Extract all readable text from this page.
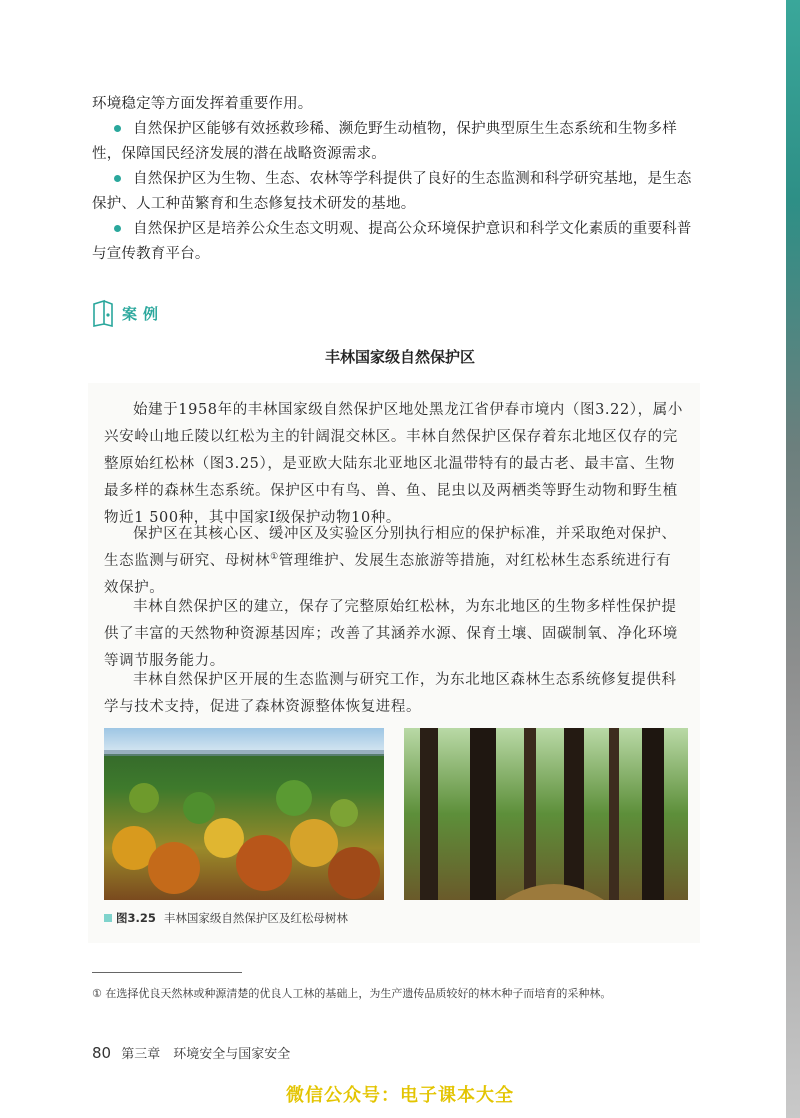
环境稳定等方面发挥着重要作用。
自然保护区能够有效拯救珍稀、濒危野生动植物，保护典型原生生态系统和生物多样性，保障国民经济发展的潜在战略资源需求。
自然保护区为生物、生态、农林等学科提供了良好的生态监测和科学研究基地，是生态保护、人工种苗繁育和生态修复技术研发的基地。
自然保护区是培养公众生态文明观、提高公众环境保护意识和科学文化素质的重要科普与宣传教育平台。
案例
丰林国家级自然保护区
始建于1958年的丰林国家级自然保护区地处黑龙江省伊春市境内（图3.22），属小兴安岭山地丘陵以红松为主的针阔混交林区。丰林自然保护区保存着东北地区仅存的完整原始红松林（图3.25），是亚欧大陆东北亚地区北温带特有的最古老、最丰富、生物最多样的森林生态系统。保护区中有鸟、兽、鱼、昆虫以及两栖类等野生动物和野生植物近1 500种，其中国家Ⅰ级保护动物10种。
保护区在其核心区、缓冲区及实验区分别执行相应的保护标准，并采取绝对保护、生态监测与研究、母树林①管理维护、发展生态旅游等措施，对红松林生态系统进行有效保护。
丰林自然保护区的建立，保存了完整原始红松林，为东北地区的生物多样性保护提供了丰富的天然物种资源基因库；改善了其涵养水源、保育土壤、固碳制氧、净化环境等调节服务能力。
丰林自然保护区开展的生态监测与研究工作，为东北地区森林生态系统修复提供科学与技术支持，促进了森林资源整体恢复进程。
图3.25 丰林国家级自然保护区及红松母树林
① 在选择优良天然林或种源清楚的优良人工林的基础上，为生产遗传品质较好的林木种子而培育的采种林。
80 第三章　环境安全与国家安全
微信公众号：电子课本大全
